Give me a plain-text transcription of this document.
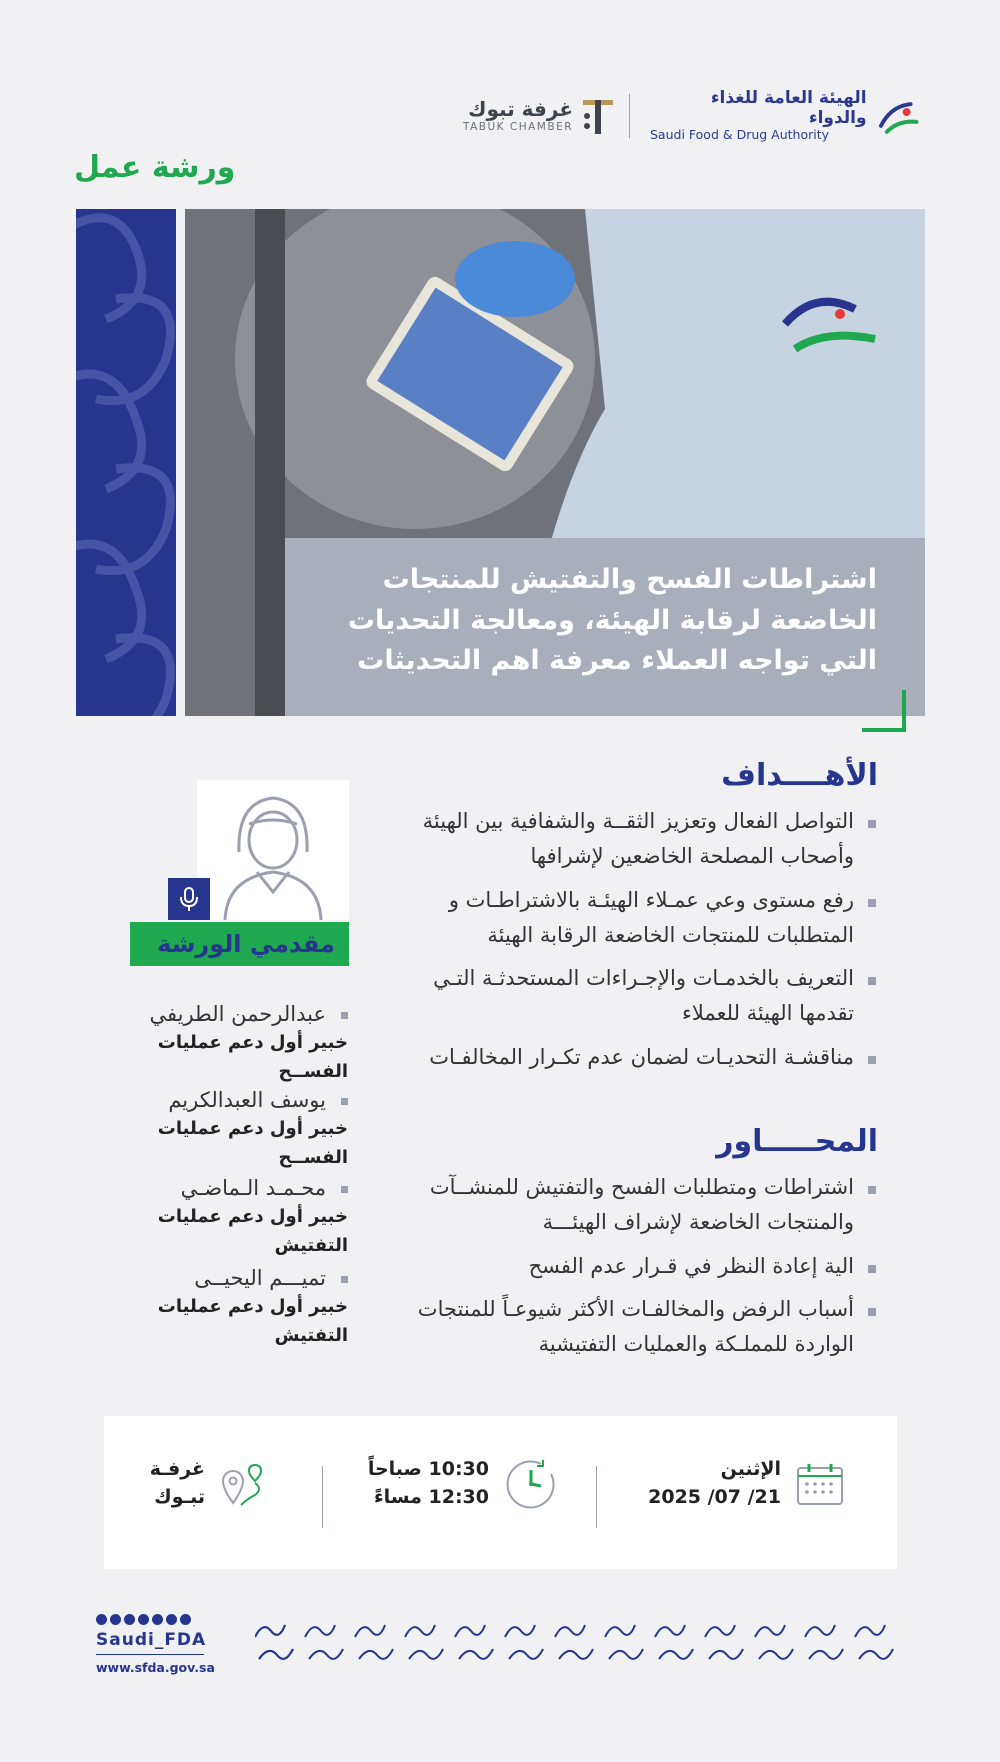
الهيئة العامة للغذاء والدواء
Saudi Food & Drug Authority
غرفة تبوك
TABUK CHAMBER
ورشة عمل
اشتراطات الفسح والتفتيش للمنتجات الخاضعة لرقابة الهيئة، ومعالجة التحديات التي تواجه العملاء معرفة اهم التحديثات
الأهــــداف
التواصل الفعال وتعزيز الثقــة والشفافية بين الهيئة وأصحاب المصلحة الخاضعين لإشرافها
رفع مستوى وعي عمـلاء الهيئـة بالاشتراطـات و المتطلبات للمنتجات الخاضعة الرقابة الهيئة
التعريف بالخدمـات والإجـراءات المستحدثـة التـي تقدمها الهيئة للعملاء
مناقشـة التحديـات لضمان عدم تكـرار المخالفـات
المحـــــاور
اشتراطات ومتطلبات الفسح والتفتيش للمنشــآت والمنتجات الخاضعة لإشراف الهيئـــة
الية إعادة النظر في قـرار عدم الفسح
أسباب الرفض والمخالفـات الأكثر شيوعـاً للمنتجات الواردة للمملـكة والعمليات التفتيشية
مقدمي الورشة
عبدالرحمن الطريفي
خبير أول دعم عمليات الفســح
يوسف العبدالكريم
خبير أول دعم عمليات الفســح
محـمـد الـماضـي
خبير أول دعم عمليات التفتيش
تميـــم اليحيــى
خبير أول دعم عمليات التفتيش
الإثنين
2025 /07 /21
10:30 صباحاً
12:30 مساءً
غرفـة
تبـوك
Saudi_FDA
www.sfda.gov.sa
